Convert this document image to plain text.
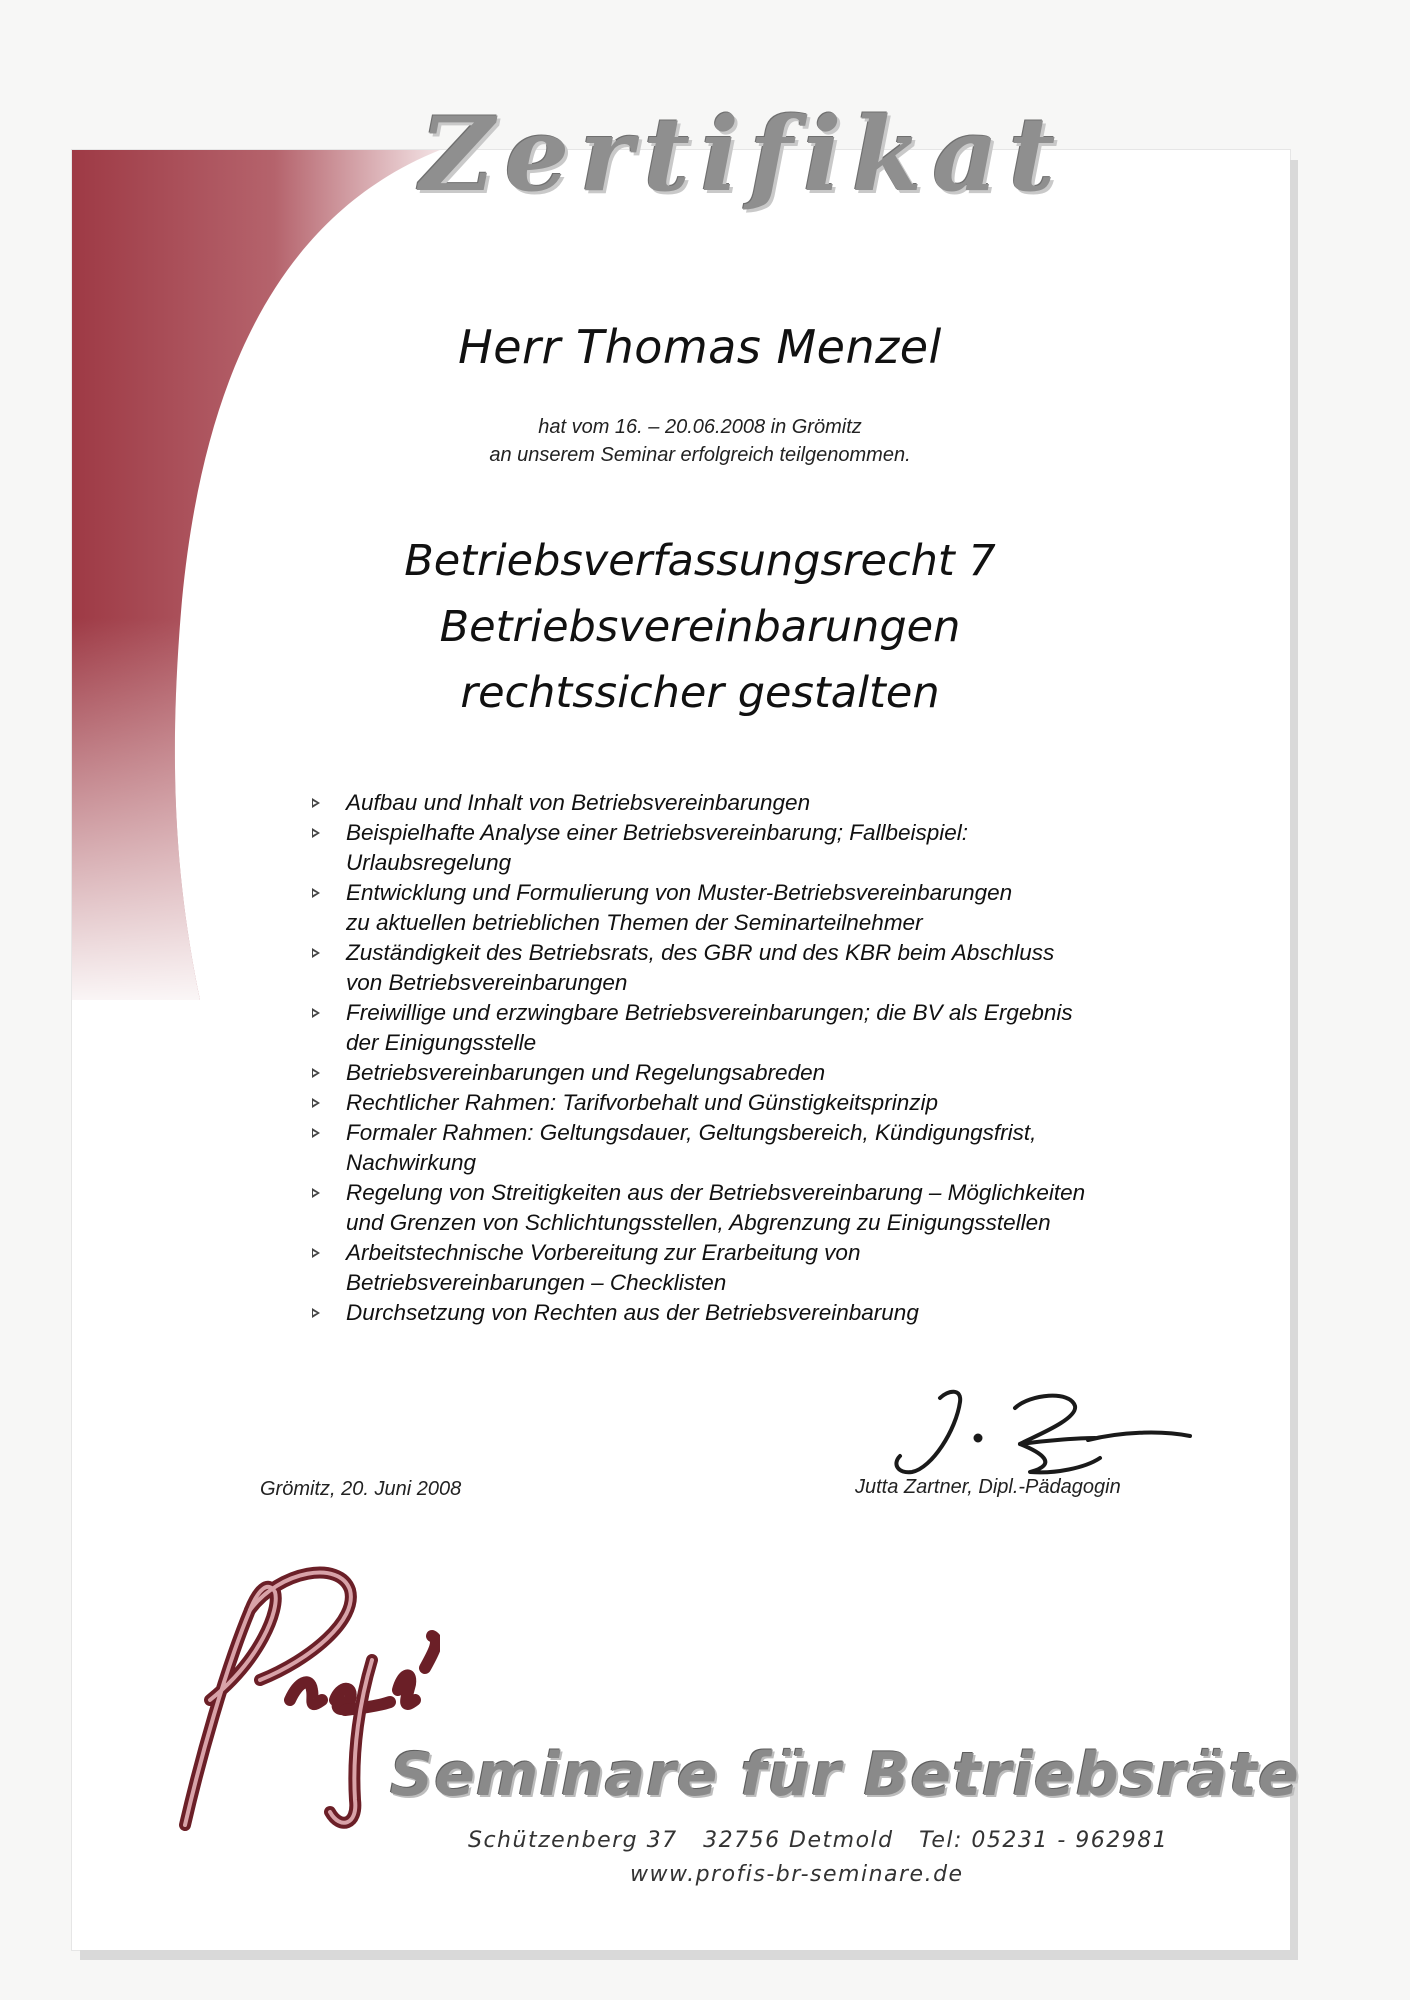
Zertifikat
Herr Thomas Menzel
hat vom 16. – 20.06.2008 in Grömitz
an unserem Seminar erfolgreich teilgenommen.
Betriebsverfassungsrecht 7
Betriebsvereinbarungen
rechtssicher gestalten
Aufbau und Inhalt von Betriebsvereinbarungen
Beispielhafte Analyse einer Betriebsvereinbarung; Fallbeispiel:
Urlaubsregelung
Entwicklung und Formulierung von Muster-Betriebsvereinbarungen
zu aktuellen betrieblichen Themen der Seminarteilnehmer
Zuständigkeit des Betriebsrats, des GBR und des KBR beim Abschluss
von Betriebsvereinbarungen
Freiwillige und erzwingbare Betriebsvereinbarungen; die BV als Ergebnis
der Einigungsstelle
Betriebsvereinbarungen und Regelungsabreden
Rechtlicher Rahmen: Tarifvorbehalt und Günstigkeitsprinzip
Formaler Rahmen: Geltungsdauer, Geltungsbereich, Kündigungsfrist,
Nachwirkung
Regelung von Streitigkeiten aus der Betriebsvereinbarung – Möglichkeiten
und Grenzen von Schlichtungsstellen, Abgrenzung zu Einigungsstellen
Arbeitstechnische Vorbereitung zur Erarbeitung von
Betriebsvereinbarungen – Checklisten
Durchsetzung von Rechten aus der Betriebsvereinbarung
Grömitz, 20. Juni 2008	Jutta Zartner, Dipl.-Pädagogin
Seminare für Betriebsräte
Schützenberg 37   32756 Detmold   Tel: 05231 - 962981
www.profis-br-seminare.de
